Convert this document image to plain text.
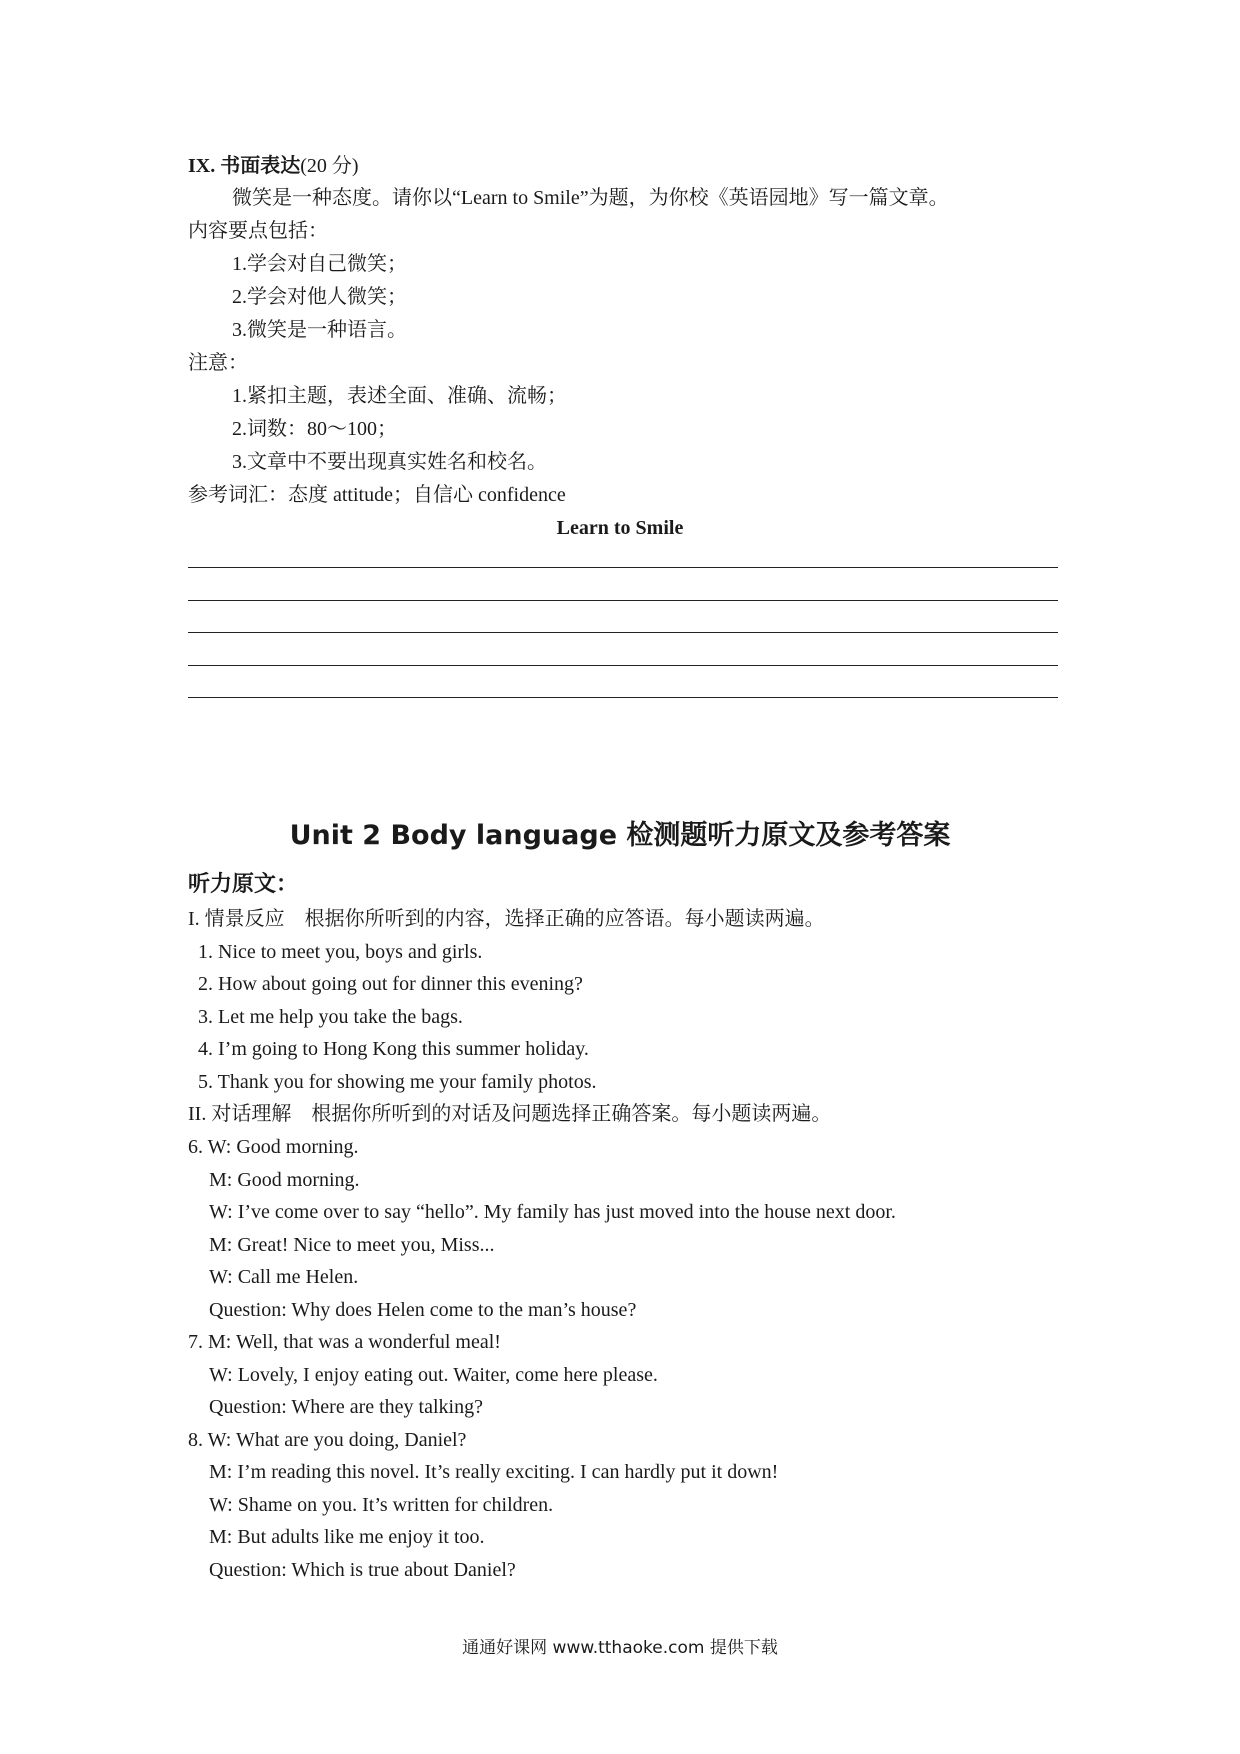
IX. 书面表达(20 分)
微笑是一种态度。请你以“Learn to Smile”为题，为你校《英语园地》写一篇文章。
内容要点包括：
1.学会对自己微笑；
2.学会对他人微笑；
3.微笑是一种语言。
注意：
1.紧扣主题，表述全面、准确、流畅；
2.词数：80～100；
3.文章中不要出现真实姓名和校名。
参考词汇：态度 attitude；自信心 confidence
Learn to Smile
Unit 2 Body language 检测题听力原文及参考答案
听力原文：
I. 情景反应　根据你所听到的内容，选择正确的应答语。每小题读两遍。
1. Nice to meet you, boys and girls.
2. How about going out for dinner this evening?
3. Let me help you take the bags.
4. I’m going to Hong Kong this summer holiday.
5. Thank you for showing me your family photos.
II. 对话理解　根据你所听到的对话及问题选择正确答案。每小题读两遍。
6. W: Good morning.
M: Good morning.
W: I’ve come over to say “hello”. My family has just moved into the house next door.
M: Great! Nice to meet you, Miss...
W: Call me Helen.
Question: Why does Helen come to the man’s house?
7. M: Well, that was a wonderful meal!
W: Lovely, I enjoy eating out. Waiter, come here please.
Question: Where are they talking?
8. W: What are you doing, Daniel?
M: I’m reading this novel. It’s really exciting. I can hardly put it down!
W: Shame on you. It’s written for children.
M: But adults like me enjoy it too.
Question: Which is true about Daniel?
通通好课网 www.tthaoke.com 提供下载
